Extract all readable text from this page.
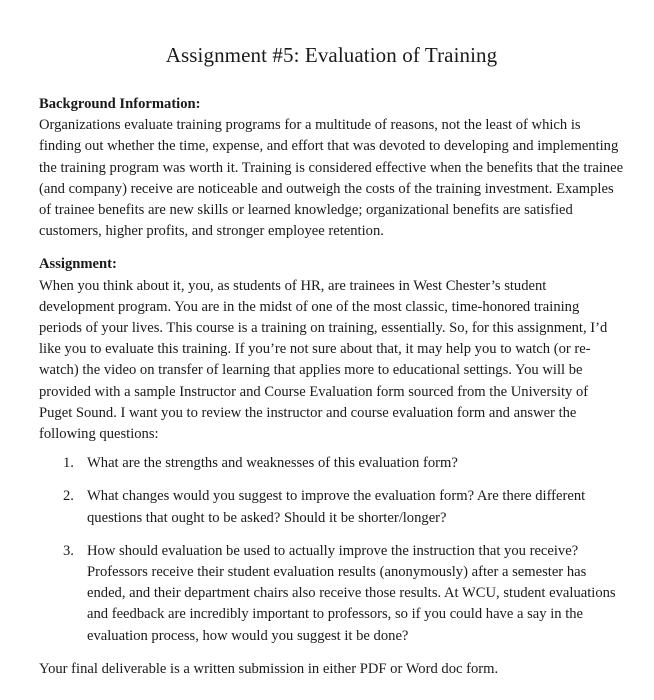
Assignment #5: Evaluation of Training
Background Information:

Organizations evaluate training programs for a multitude of reasons, not the least of which is finding out whether the time, expense, and effort that was devoted to developing and implementing the training program was worth it. Training is considered effective when the benefits that the trainee (and company) receive are noticeable and outweigh the costs of the training investment. Examples of trainee benefits are new skills or learned knowledge; organizational benefits are satisfied customers, higher profits, and stronger employee retention.

Assignment:

When you think about it, you, as students of HR, are trainees in West Chester’s student development program. You are in the midst of one of the most classic, time-honored training periods of your lives. This course is a training on training, essentially. So, for this assignment, I’d like you to evaluate this training. If you’re not sure about that, it may help you to watch (or re-watch) the video on transfer of learning that applies more to educational settings. You will be provided with a sample Instructor and Course Evaluation form sourced from the University of Puget Sound. I want you to review the instructor and course evaluation form and answer the following questions:

1. What are the strengths and weaknesses of this evaluation form?
2. What changes would you suggest to improve the evaluation form? Are there different questions that ought to be asked? Should it be shorter/longer?
3. How should evaluation be used to actually improve the instruction that you receive? Professors receive their student evaluation results (anonymously) after a semester has ended, and their department chairs also receive those results. At WCU, student evaluations and feedback are incredibly important to professors, so if you could have a say in the evaluation process, how would you suggest it be done?

Your final deliverable is a written submission in either PDF or Word doc form.
